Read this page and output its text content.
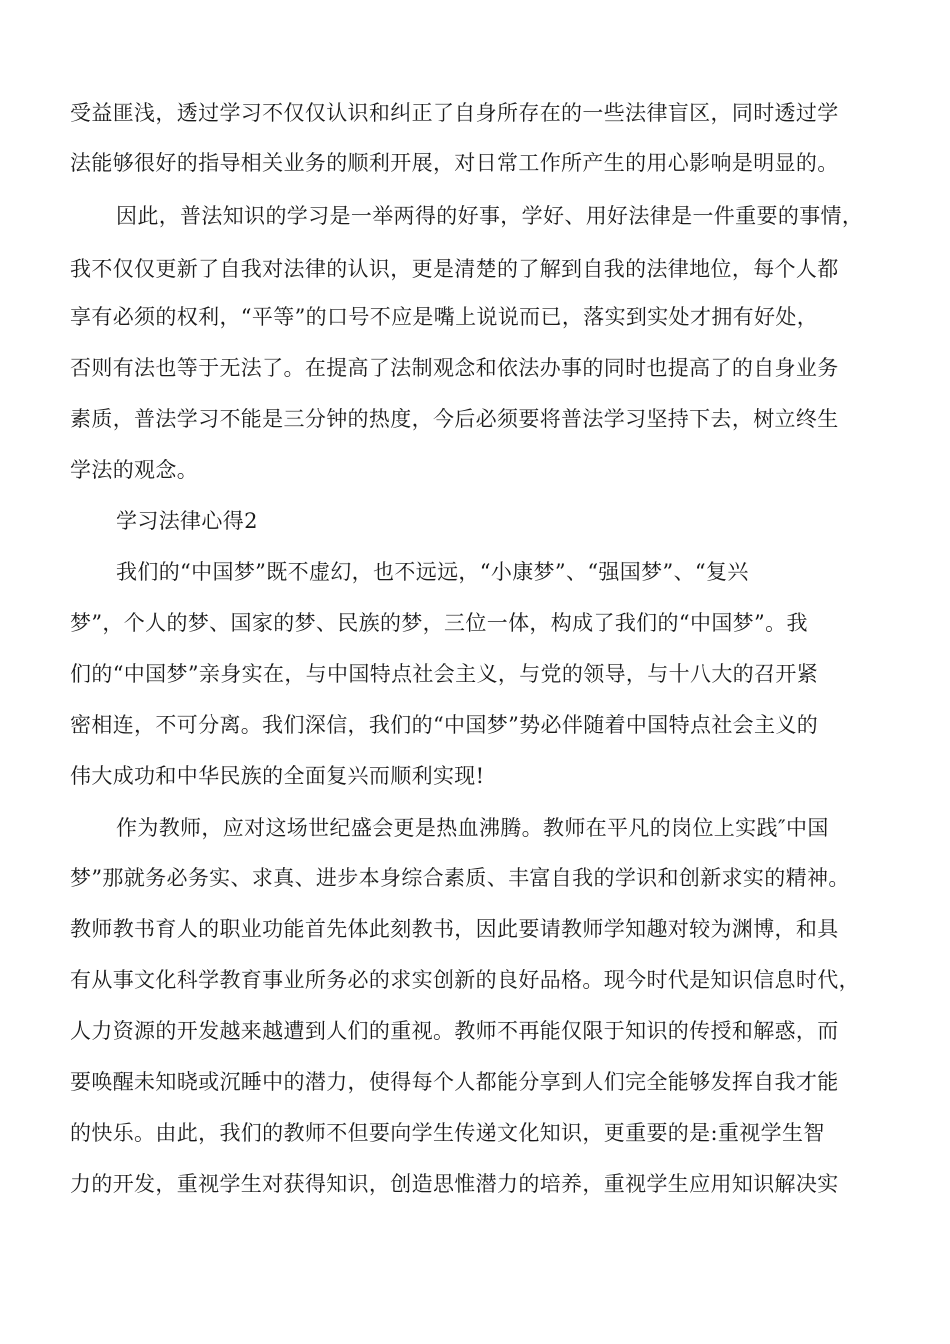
受益匪浅，透过学习不仅仅认识和纠正了自身所存在的一些法律盲区，同时透过学
法能够很好的指导相关业务的顺利开展，对日常工作所产生的用心影响是明显的。
因此，普法知识的学习是一举两得的好事，学好、用好法律是一件重要的事情，
我不仅仅更新了自我对法律的认识，更是清楚的了解到自我的法律地位，每个人都
享有必须的权利，“平等”的口号不应是嘴上说说而已，落实到实处才拥有好处，
否则有法也等于无法了。在提高了法制观念和依法办事的同时也提高了的自身业务
素质，普法学习不能是三分钟的热度，今后必须要将普法学习坚持下去，树立终生
学法的观念。
学习法律心得2
我们的“中国梦”既不虚幻，也不远远，“小康梦”、“强国梦”、“复兴
梦”，个人的梦、国家的梦、民族的梦，三位一体，构成了我们的“中国梦”。我
们的“中国梦”亲身实在，与中国特点社会主义，与党的领导，与十八大的召开紧
密相连，不可分离。我们深信，我们的“中国梦”势必伴随着中国特点社会主义的
伟大成功和中华民族的全面复兴而顺利实现!
作为教师，应对这场世纪盛会更是热血沸腾。教师在平凡的岗位上实践″中国
梦”那就务必务实、求真、进步本身综合素质、丰富自我的学识和创新求实的精神。
教师教书育人的职业功能首先体此刻教书，因此要请教师学知趣对较为渊博，和具
有从事文化科学教育事业所务必的求实创新的良好品格。现今时代是知识信息时代，
人力资源的开发越来越遭到人们的重视。教师不再能仅限于知识的传授和解惑，而
要唤醒未知晓或沉睡中的潜力，使得每个人都能分享到人们完全能够发挥自我才能
的快乐。由此，我们的教师不但要向学生传递文化知识，更重要的是:重视学生智
力的开发，重视学生对获得知识，创造思惟潜力的培养，重视学生应用知识解决实
